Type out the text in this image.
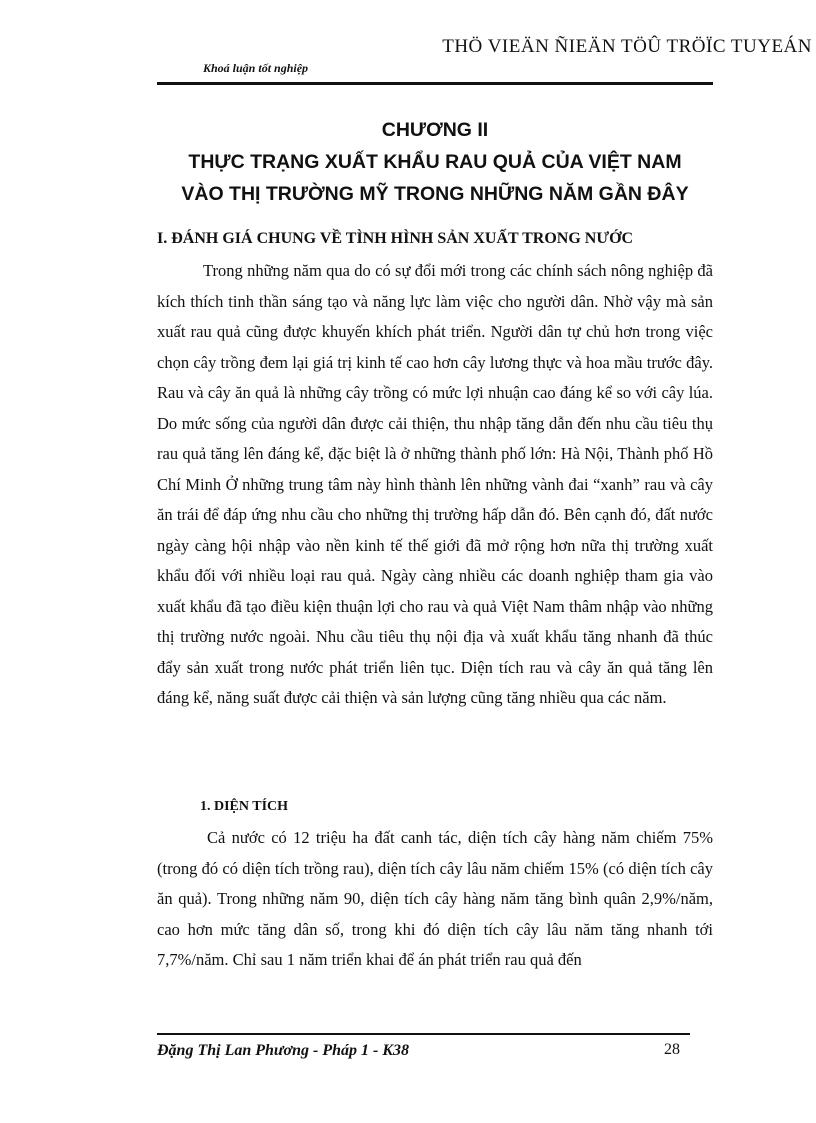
THÖ VIEÄN ÑIEÄN TÖÛ TRÖÏC TUYEÁN
Khoá luận tốt nghiệp
CHƯƠNG II
THỰC TRẠNG XUẤT KHẨU RAU QUẢ CỦA VIỆT NAM
VÀO THỊ TRƯỜNG MỸ TRONG NHỮNG NĂM GẦN ĐÂY
I. ĐÁNH GIÁ CHUNG VỀ TÌNH HÌNH SẢN XUẤT TRONG NƯỚC

Trong những năm qua do có sự đổi mới trong các chính sách nông nghiệp đã kích thích tinh thần sáng tạo và năng lực làm việc cho người dân. Nhờ vậy mà sản xuất rau quả cũng được khuyến khích phát triển. Người dân tự chủ hơn trong việc chọn cây trồng đem lại giá trị kinh tế cao hơn cây lương thực và hoa mầu trước đây. Rau và cây ăn quả là những cây trồng có mức lợi nhuận cao đáng kể so với cây lúa. Do mức sống của người dân được cải thiện, thu nhập tăng dẫn đến nhu cầu tiêu thụ rau quả tăng lên đáng kể, đặc biệt là ở những thành phố lớn: Hà Nội, Thành phố Hồ Chí Minh Ở những trung tâm này hình thành lên những vành đai “xanh” rau và cây ăn trái để đáp ứng nhu cầu cho những thị trường hấp dẫn đó. Bên cạnh đó, đất nước ngày càng hội nhập vào nền kinh tế thế giới đã mở rộng hơn nữa thị trường xuất khẩu đối với nhiều loại rau quả. Ngày càng nhiều các doanh nghiệp tham gia vào xuất khẩu đã tạo điều kiện thuận lợi cho rau và quả Việt Nam thâm nhập vào những thị trường nước ngoài. Nhu cầu tiêu thụ nội địa và xuất khẩu tăng nhanh đã thúc đẩy sản xuất trong nước phát triển liên tục. Diện tích rau và cây ăn quả tăng lên đáng kể, năng suất được cải thiện và sản lượng cũng tăng nhiều qua các năm.

1. DIỆN TÍCH

Cả nước có 12 triệu ha đất canh tác, diện tích cây hàng năm chiếm 75% (trong đó có diện tích trồng rau), diện tích cây lâu năm chiếm 15% (có diện tích cây ăn quả). Trong những năm 90, diện tích cây hàng năm tăng bình quân 2,9%/năm, cao hơn mức tăng dân số, trong khi đó diện tích cây lâu năm tăng nhanh tới 7,7%/năm. Chỉ sau 1 năm triển khai để án phát triển rau quả đến

Đặng Thị Lan Phương - Pháp 1 - K38	28
